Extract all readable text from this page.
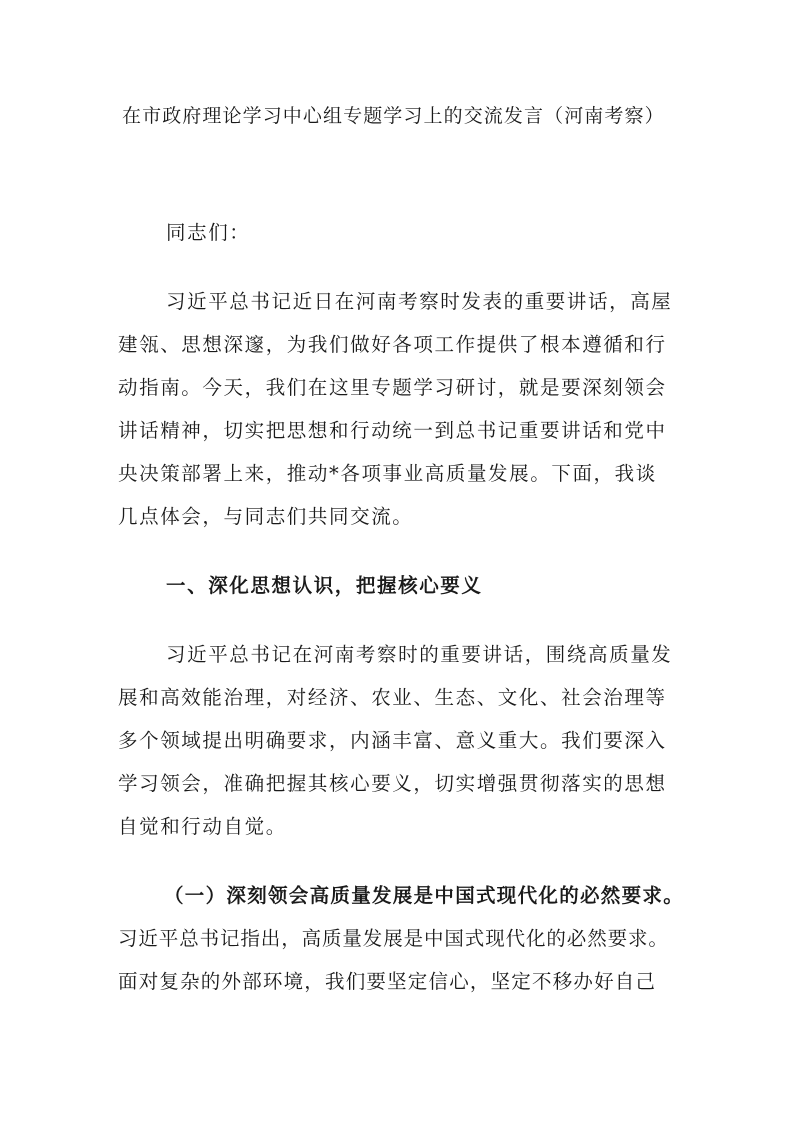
在市政府理论学习中心组专题学习上的交流发言（河南考察）
同志们：
习近平总书记近日在河南考察时发表的重要讲话，高屋
建瓴、思想深邃，为我们做好各项工作提供了根本遵循和行
动指南。今天，我们在这里专题学习研讨，就是要深刻领会
讲话精神，切实把思想和行动统一到总书记重要讲话和党中
央决策部署上来，推动*各项事业高质量发展。下面，我谈
几点体会，与同志们共同交流。
一、深化思想认识，把握核心要义
习近平总书记在河南考察时的重要讲话，围绕高质量发
展和高效能治理，对经济、农业、生态、文化、社会治理等
多个领域提出明确要求，内涵丰富、意义重大。我们要深入
学习领会，准确把握其核心要义，切实增强贯彻落实的思想
自觉和行动自觉。
（一）深刻领会高质量发展是中国式现代化的必然要求。
习近平总书记指出，高质量发展是中国式现代化的必然要求。
面对复杂的外部环境，我们要坚定信心，坚定不移办好自己
